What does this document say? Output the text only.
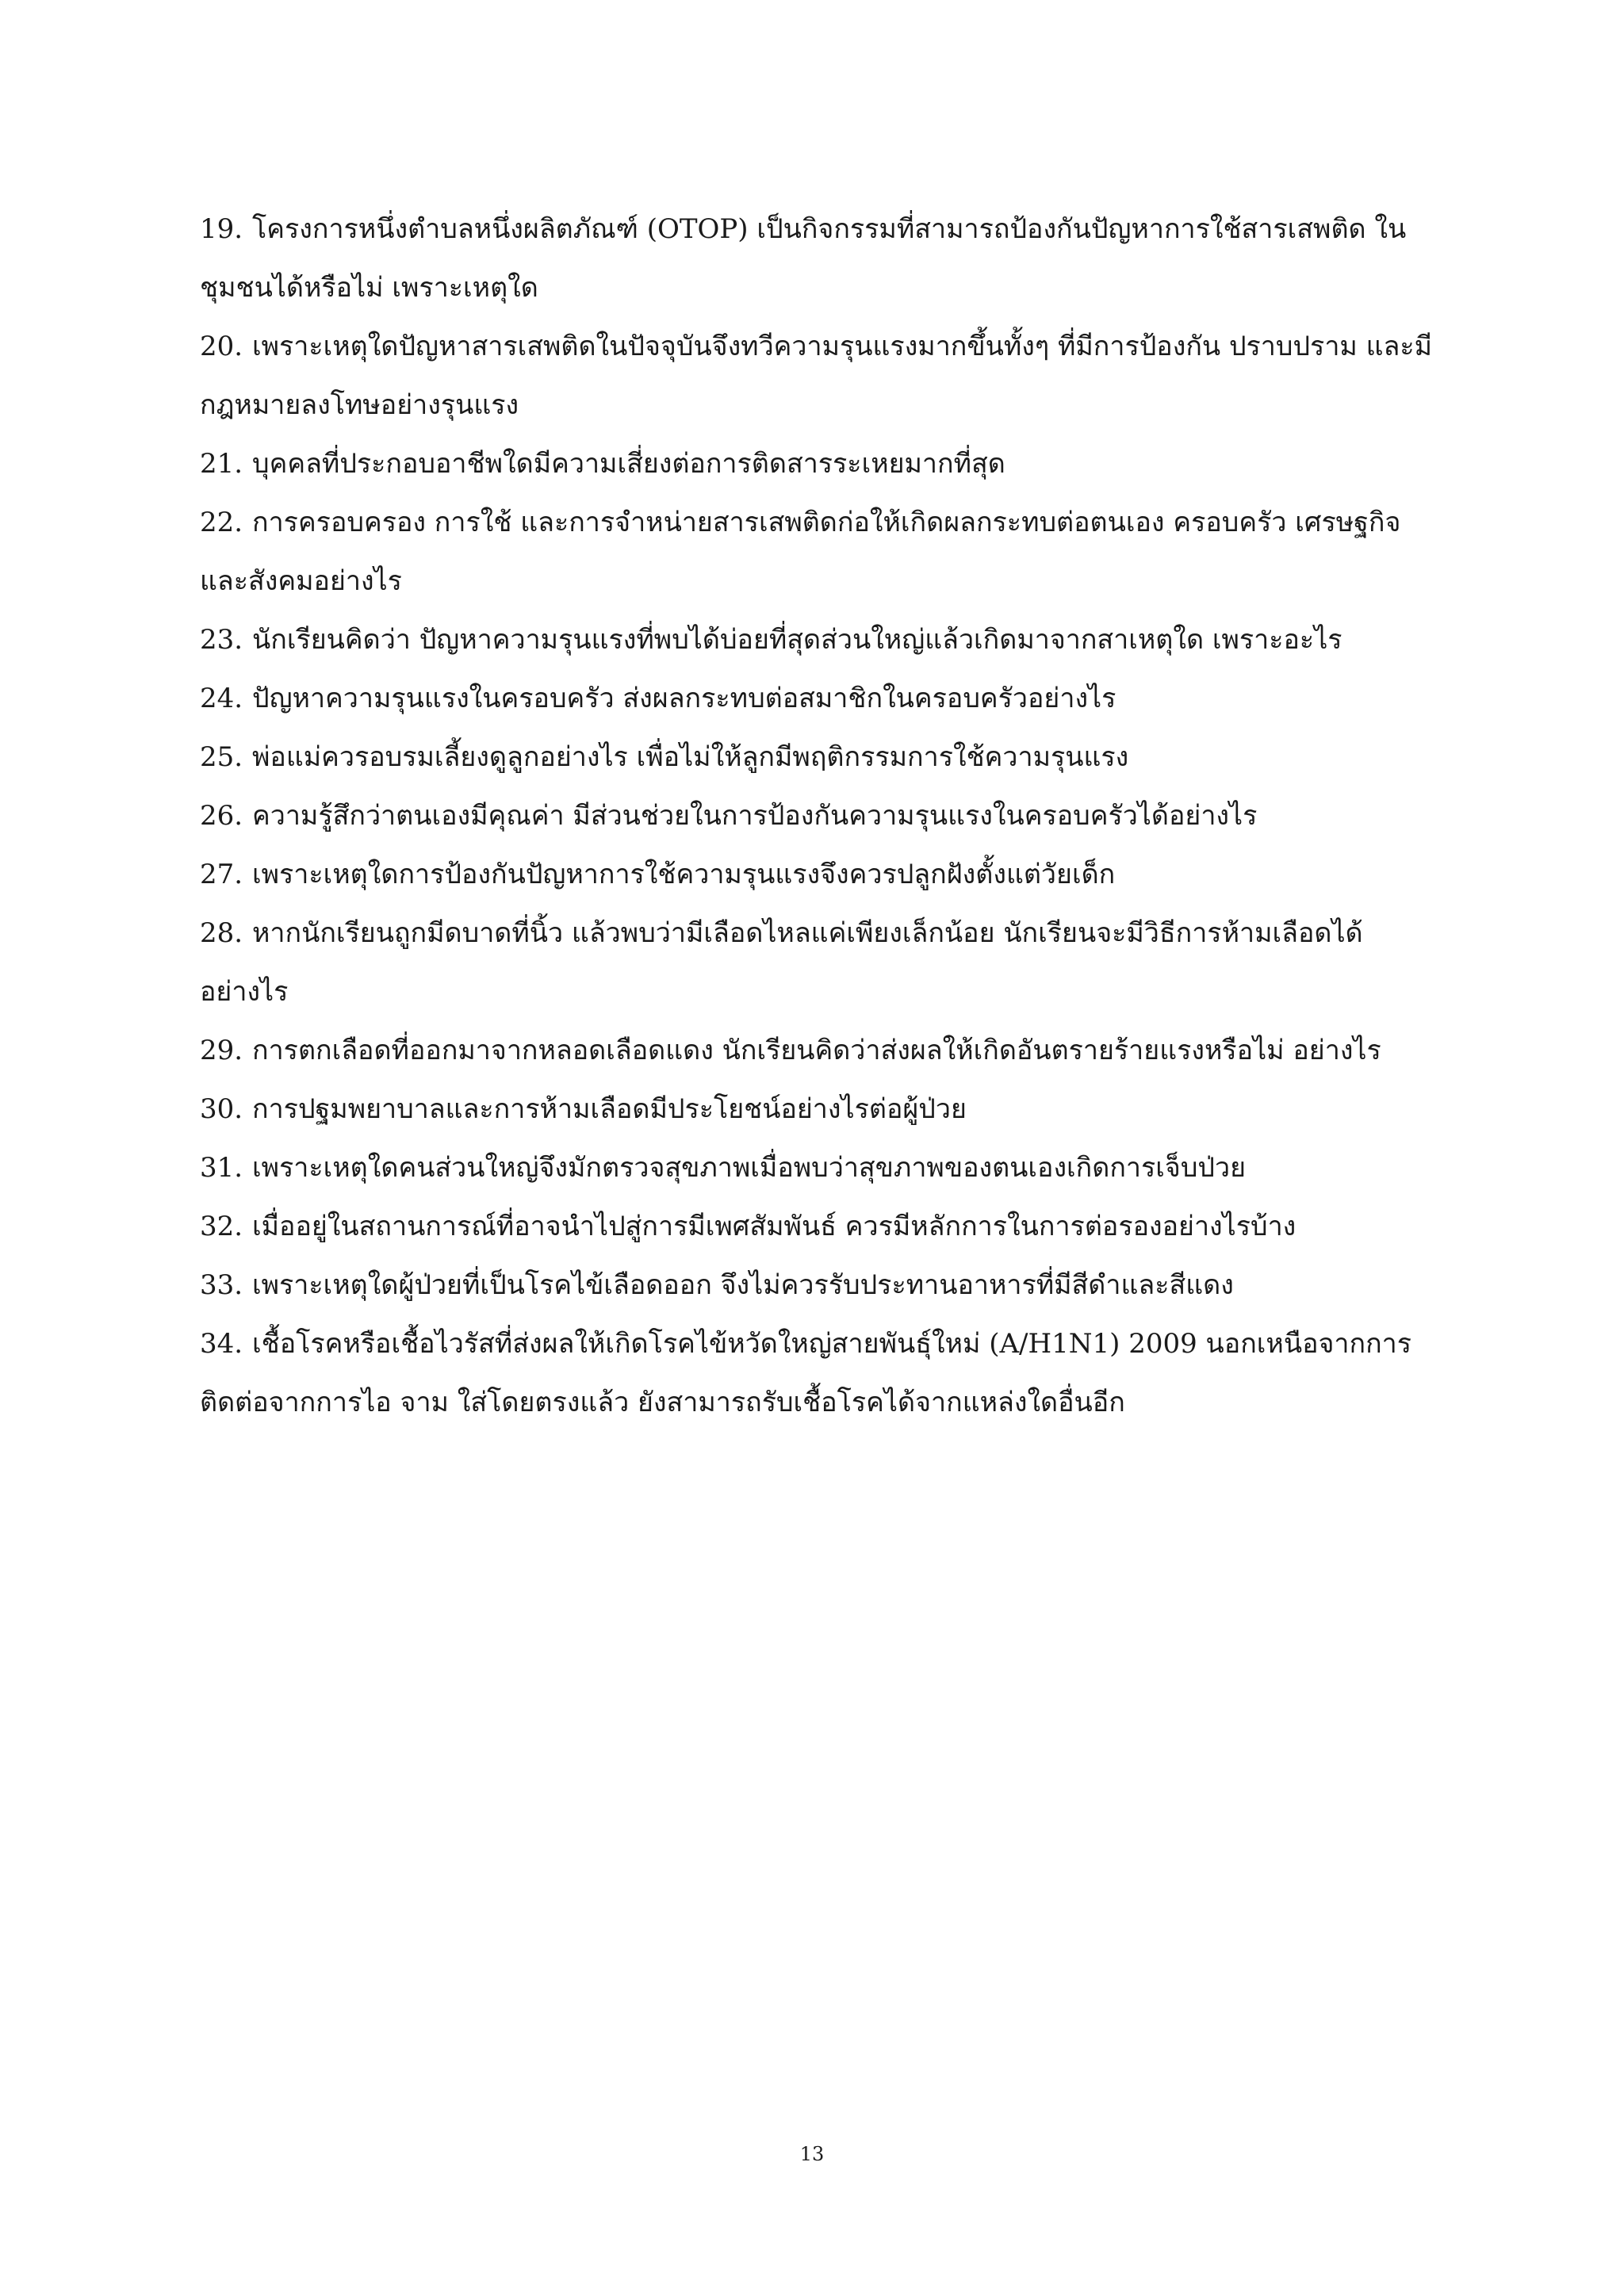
19. โครงการหนึ่งตำบลหนึ่งผลิตภัณฑ์ (OTOP) เป็นกิจกรรมที่สามารถป้องกันปัญหาการใช้สารเสพติด ในชุมชนได้หรือไม่ เพราะเหตุใด
20. เพราะเหตุใดปัญหาสารเสพติดในปัจจุบันจึงทวีความรุนแรงมากขึ้นทั้งๆ ที่มีการป้องกัน ปราบปราม และมีกฎหมายลงโทษอย่างรุนแรง
21. บุคคลที่ประกอบอาชีพใดมีความเสี่ยงต่อการติดสารระเหยมากที่สุด
22. การครอบครอง การใช้ และการจำหน่ายสารเสพติดก่อให้เกิดผลกระทบต่อตนเอง ครอบครัว เศรษฐกิจ และสังคมอย่างไร
23. นักเรียนคิดว่า ปัญหาความรุนแรงที่พบได้บ่อยที่สุดส่วนใหญ่แล้วเกิดมาจากสาเหตุใด เพราะอะไร
24. ปัญหาความรุนแรงในครอบครัว ส่งผลกระทบต่อสมาชิกในครอบครัวอย่างไร
25. พ่อแม่ควรอบรมเลี้ยงดูลูกอย่างไร เพื่อไม่ให้ลูกมีพฤติกรรมการใช้ความรุนแรง
26. ความรู้สึกว่าตนเองมีคุณค่า มีส่วนช่วยในการป้องกันความรุนแรงในครอบครัวได้อย่างไร
27. เพราะเหตุใดการป้องกันปัญหาการใช้ความรุนแรงจึงควรปลูกฝังตั้งแต่วัยเด็ก
28. หากนักเรียนถูกมีดบาดที่นิ้ว แล้วพบว่ามีเลือดไหลแค่เพียงเล็กน้อย นักเรียนจะมีวิธีการห้ามเลือดได้ อย่างไร
29. การตกเลือดที่ออกมาจากหลอดเลือดแดง นักเรียนคิดว่าส่งผลให้เกิดอันตรายร้ายแรงหรือไม่ อย่างไร
30. การปฐมพยาบาลและการห้ามเลือดมีประโยชน์อย่างไรต่อผู้ป่วย
31. เพราะเหตุใดคนส่วนใหญ่จึงมักตรวจสุขภาพเมื่อพบว่าสุขภาพของตนเองเกิดการเจ็บป่วย
32. เมื่ออยู่ในสถานการณ์ที่อาจนำไปสู่การมีเพศสัมพันธ์ ควรมีหลักการในการต่อรองอย่างไรบ้าง
33. เพราะเหตุใดผู้ป่วยที่เป็นโรคไข้เลือดออก จึงไม่ควรรับประทานอาหารที่มีสีดำและสีแดง
34. เชื้อโรคหรือเชื้อไวรัสที่ส่งผลให้เกิดโรคไข้หวัดใหญ่สายพันธุ์ใหม่ (A/H1N1) 2009 นอกเหนือจากการ ติดต่อจากการไอ จาม ใส่โดยตรงแล้ว ยังสามารถรับเชื้อโรคได้จากแหล่งใดอื่นอีก
13
